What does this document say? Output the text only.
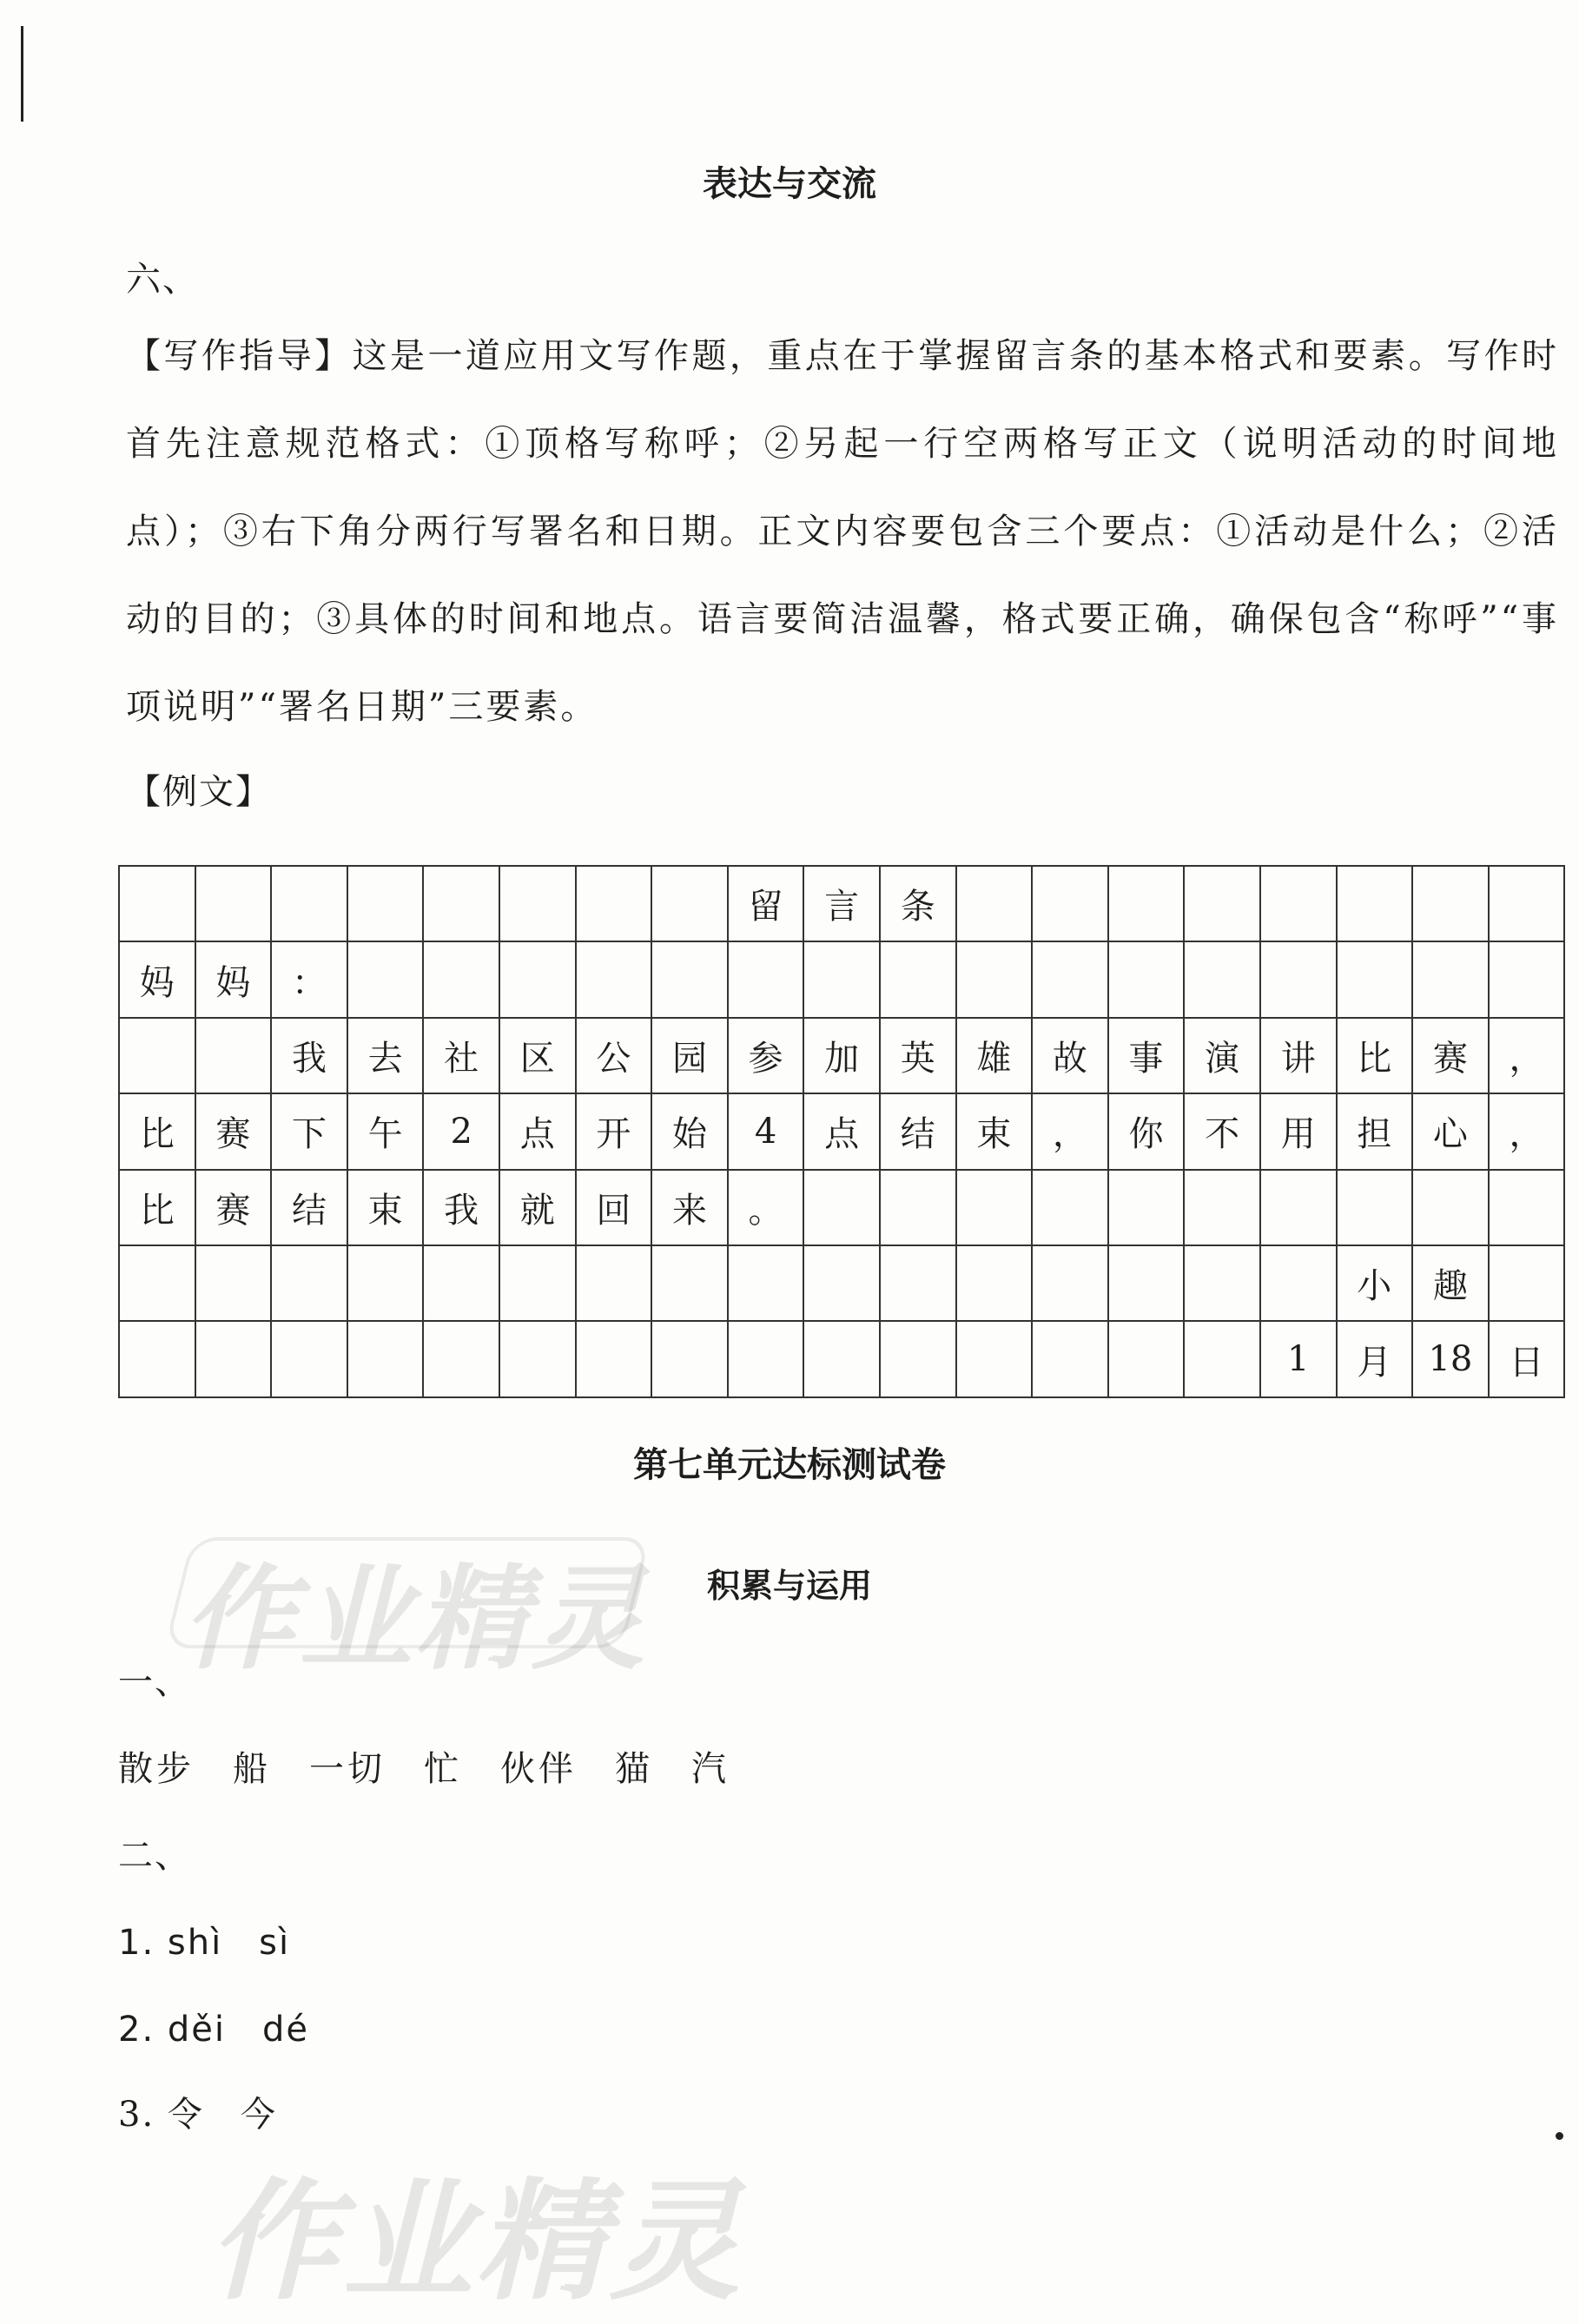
表达与交流
六、
【写作指导】这是一道应用文写作题，重点在于掌握留言条的基本格式和要素。写作时首先注意规范格式：①顶格写称呼；②另起一行空两格写正文（说明活动的时间地点）；③右下角分两行写署名和日期。正文内容要包含三个要点：①活动是什么；②活动的目的；③具体的时间和地点。语言要简洁温馨，格式要正确，确保包含“称呼”“事项说明”“署名日期”三要素。
【例文】
								留	言	条								
妈	妈	：																
		我	去	社	区	公	园	参	加	英	雄	故	事	演	讲	比	赛	，
比	赛	下	午	2	点	开	始	4	点	结	束	，	你	不	用	担	心	，
比	赛	结	束	我	就	回	来	。										
																小	趣	
															1	月	18	日
第七单元达标测试卷
作业精灵	积累与运用
一、
散步　船　一切　忙　伙伴　猫　汽
二、
1. shì　sì
2. děi　dé
3. 令　今
作业精灵
